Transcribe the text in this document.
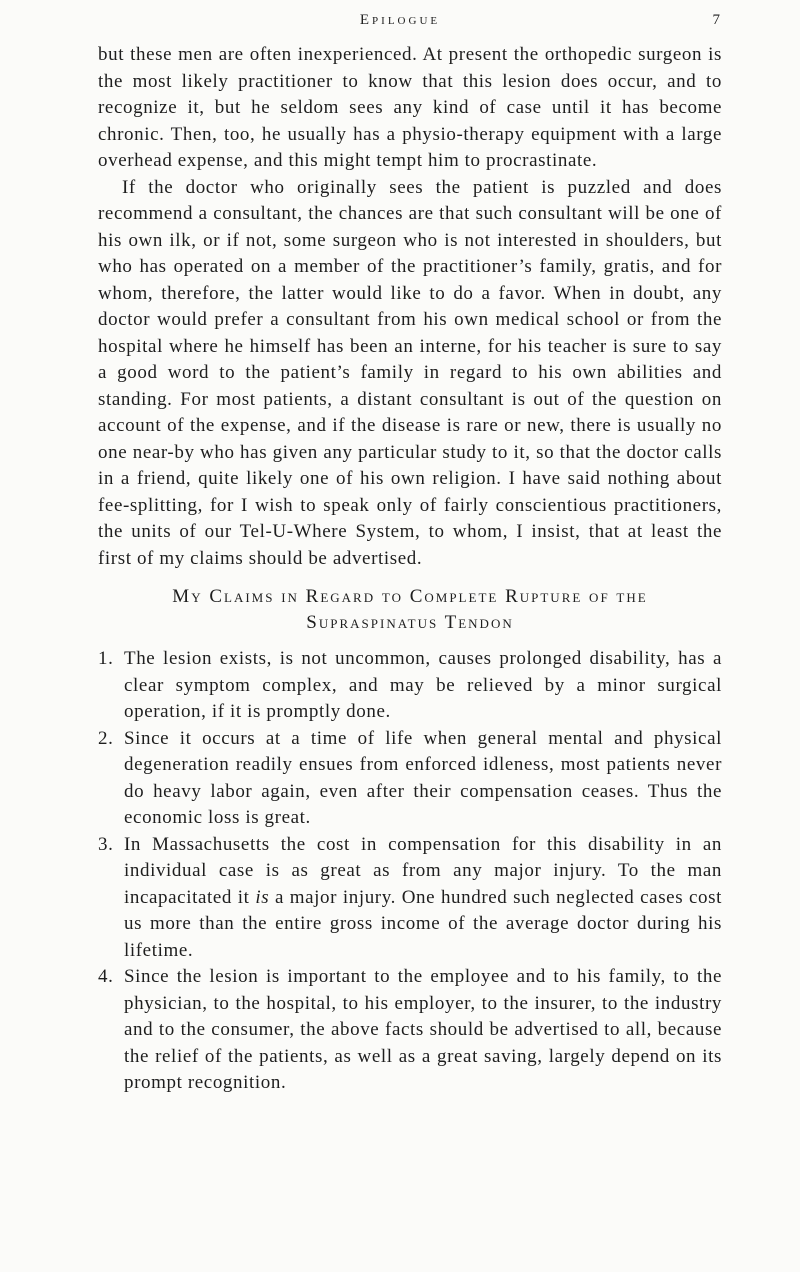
Epilogue	7

but these men are often inexperienced. At present the orthopedic surgeon is the most likely practitioner to know that this lesion does occur, and to recognize it, but he seldom sees any kind of case until it has become chronic. Then, too, he usually has a physio-therapy equipment with a large overhead expense, and this might tempt him to procrastinate.

If the doctor who originally sees the patient is puzzled and does recommend a consultant, the chances are that such consultant will be one of his own ilk, or if not, some surgeon who is not interested in shoulders, but who has operated on a member of the practitioner’s family, gratis, and for whom, therefore, the latter would like to do a favor. When in doubt, any doctor would prefer a consultant from his own medical school or from the hospital where he himself has been an interne, for his teacher is sure to say a good word to the patient’s family in regard to his own abilities and standing. For most patients, a distant consultant is out of the question on account of the expense, and if the disease is rare or new, there is usually no one near-by who has given any particular study to it, so that the doctor calls in a friend, quite likely one of his own religion. I have said nothing about fee-splitting, for I wish to speak only of fairly conscientious practitioners, the units of our Tel-U-Where System, to whom, I insist, that at least the first of my claims should be advertised.

My Claims in Regard to Complete Rupture of the
Supraspinatus Tendon
1. The lesion exists, is not uncommon, causes prolonged disability, has a clear symptom complex, and may be relieved by a minor surgical operation, if it is promptly done.
2. Since it occurs at a time of life when general mental and physical degeneration readily ensues from enforced idleness, most patients never do heavy labor again, even after their compensation ceases. Thus the economic loss is great.
3. In Massachusetts the cost in compensation for this disability in an individual case is as great as from any major injury. To the man incapacitated it is a major injury. One hundred such neglected cases cost us more than the entire gross income of the average doctor during his lifetime.
4. Since the lesion is important to the employee and to his family, to the physician, to the hospital, to his employer, to the insurer, to the industry and to the consumer, the above facts should be advertised to all, because the relief of the patients, as well as a great saving, largely depend on its prompt recognition.
